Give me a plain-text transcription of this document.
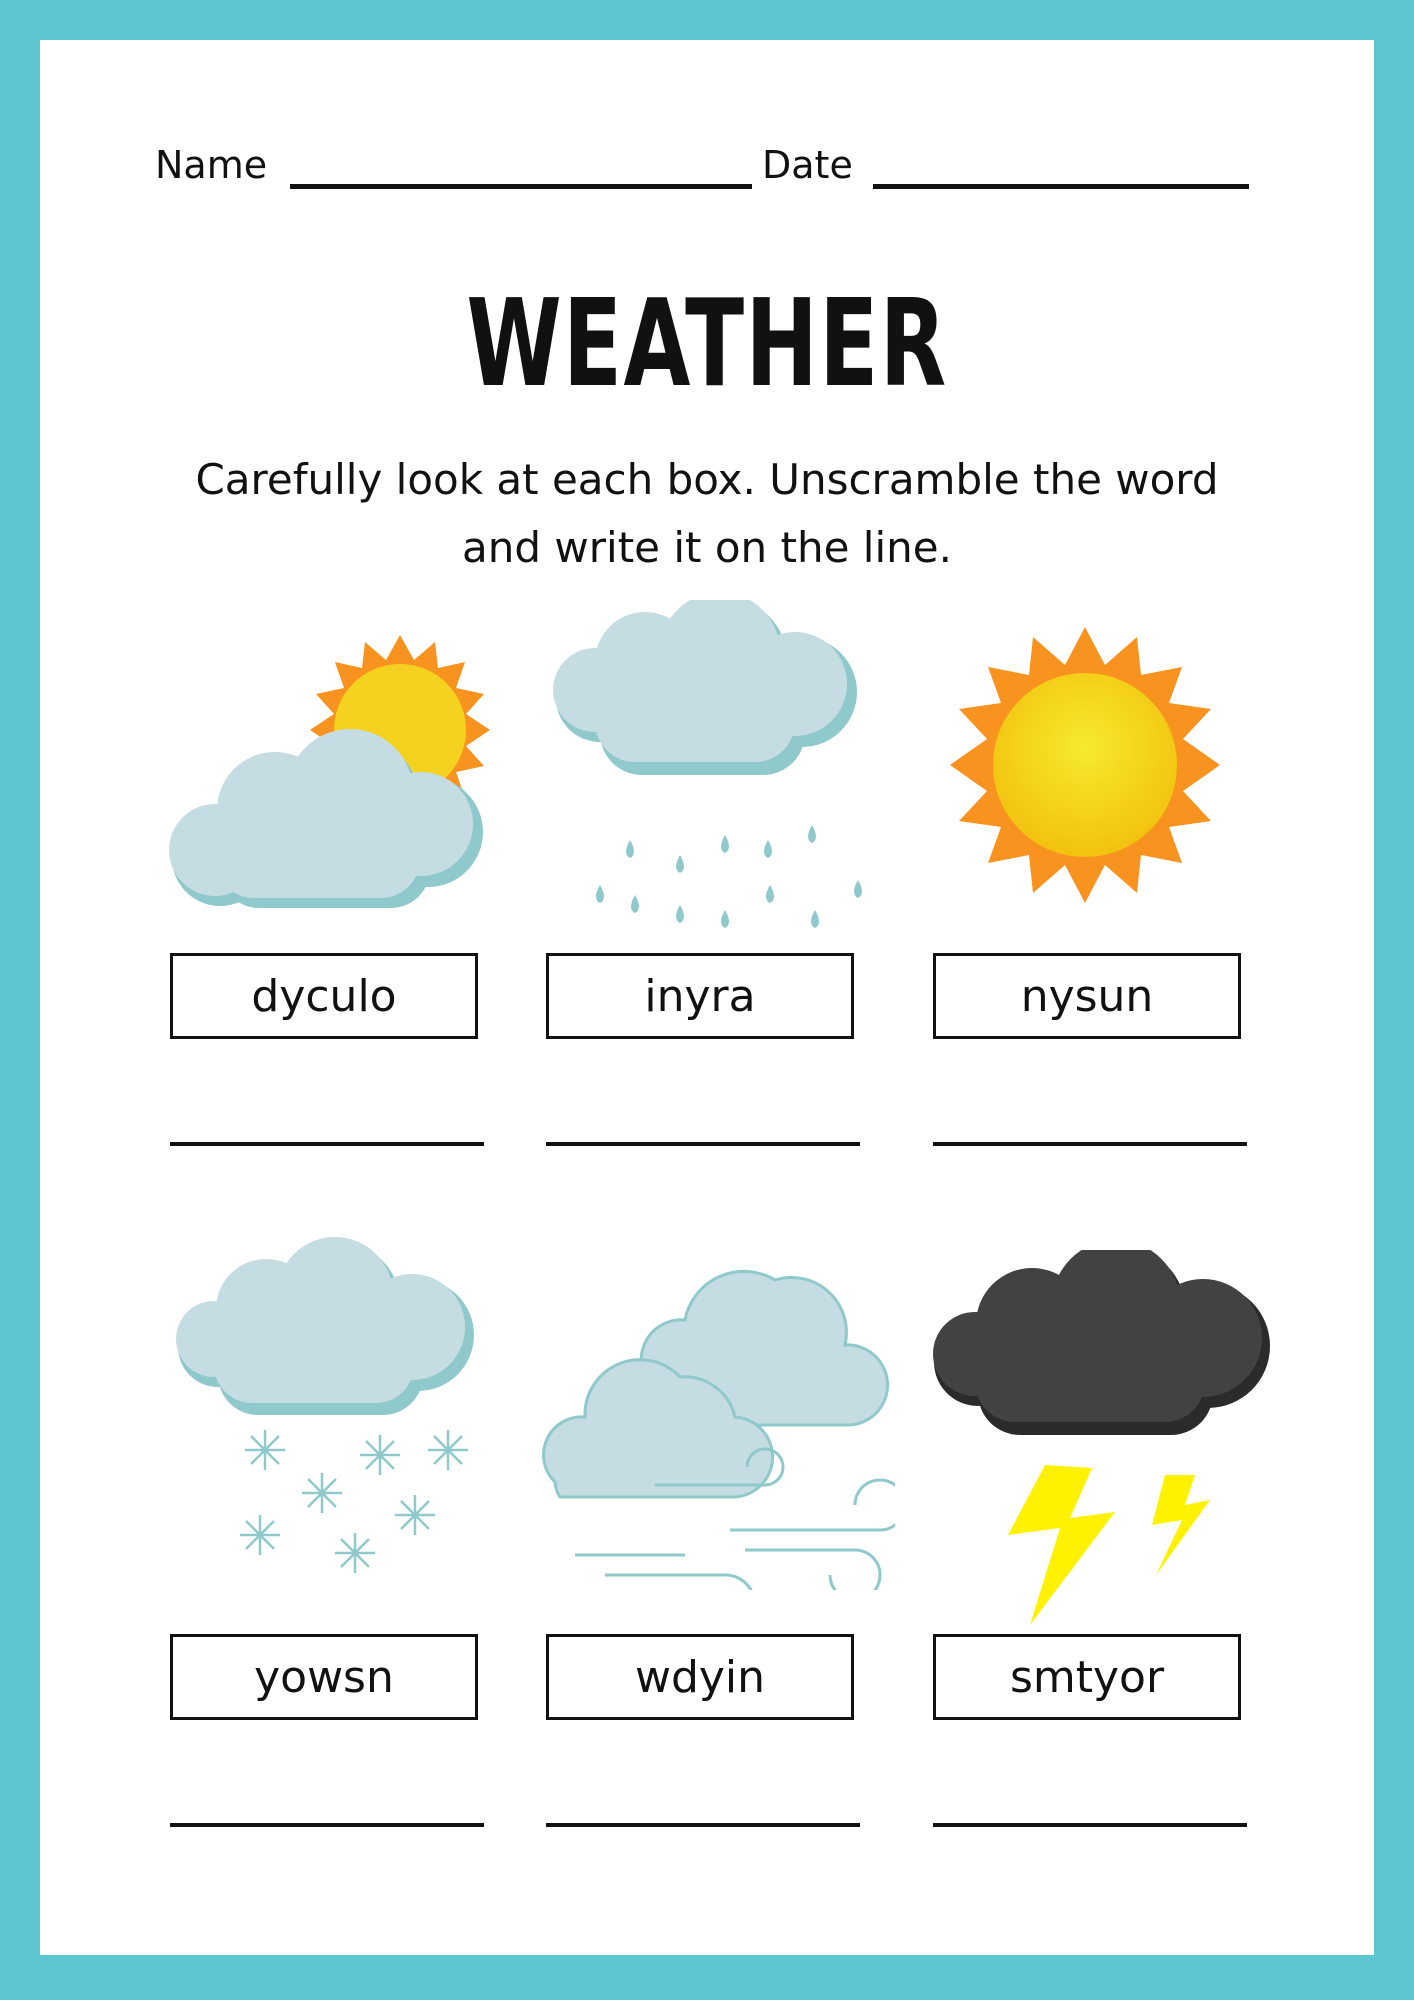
Name	Date
WEATHER
Carefully look at each box. Unscramble the word
and write it on the line.
dyculo	inyra	nysun
yowsn	wdyin	smtyor
